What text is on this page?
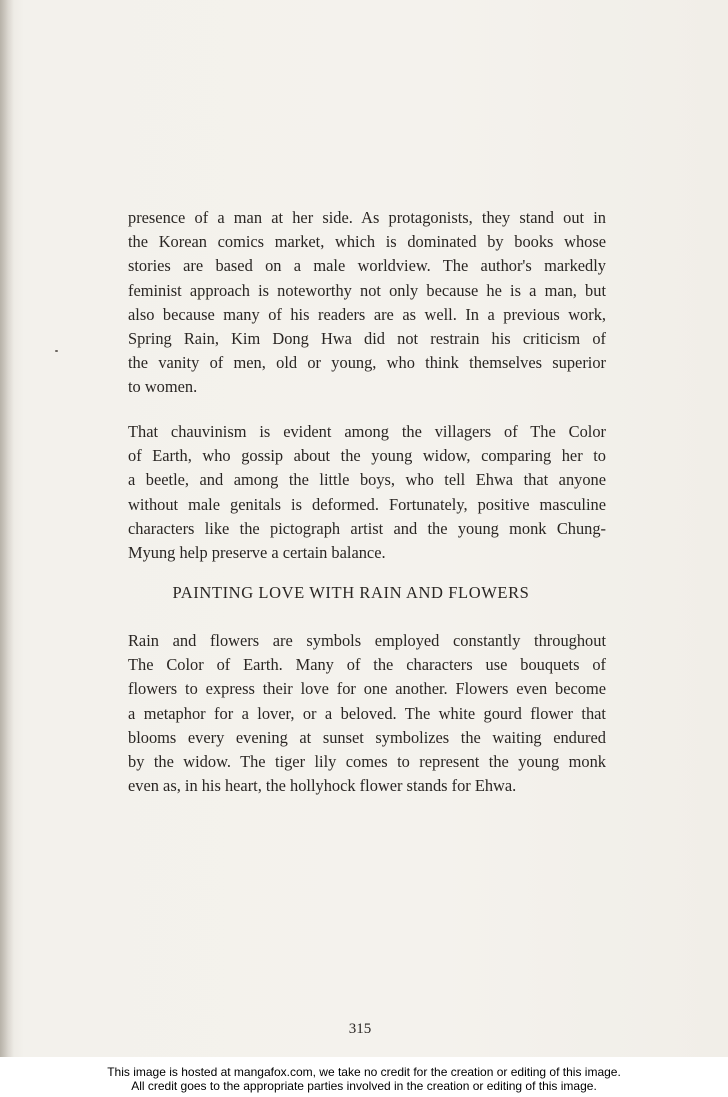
presence of a man at her side. As protagonists, they stand out in
the Korean comics market, which is dominated by books whose
stories are based on a male worldview. The author's markedly
feminist approach is noteworthy not only because he is a man, but
also because many of his readers are as well. In a previous work,
Spring Rain, Kim Dong Hwa did not restrain his criticism of
the vanity of men, old or young, who think themselves superior
to women.
That chauvinism is evident among the villagers of The Color
of Earth, who gossip about the young widow, comparing her to
a beetle, and among the little boys, who tell Ehwa that anyone
without male genitals is deformed. Fortunately, positive masculine
characters like the pictograph artist and the young monk Chung-
Myung help preserve a certain balance.
PAINTING LOVE WITH RAIN AND FLOWERS
Rain and flowers are symbols employed constantly throughout
The Color of Earth. Many of the characters use bouquets of
flowers to express their love for one another. Flowers even become
a metaphor for a lover, or a beloved. The white gourd flower that
blooms every evening at sunset symbolizes the waiting endured
by the widow. The tiger lily comes to represent the young monk
even as, in his heart, the hollyhock flower stands for Ehwa.
315
This image is hosted at mangafox.com, we take no credit for the creation or editing of this image.
All credit goes to the appropriate parties involved in the creation or editing of this image.
